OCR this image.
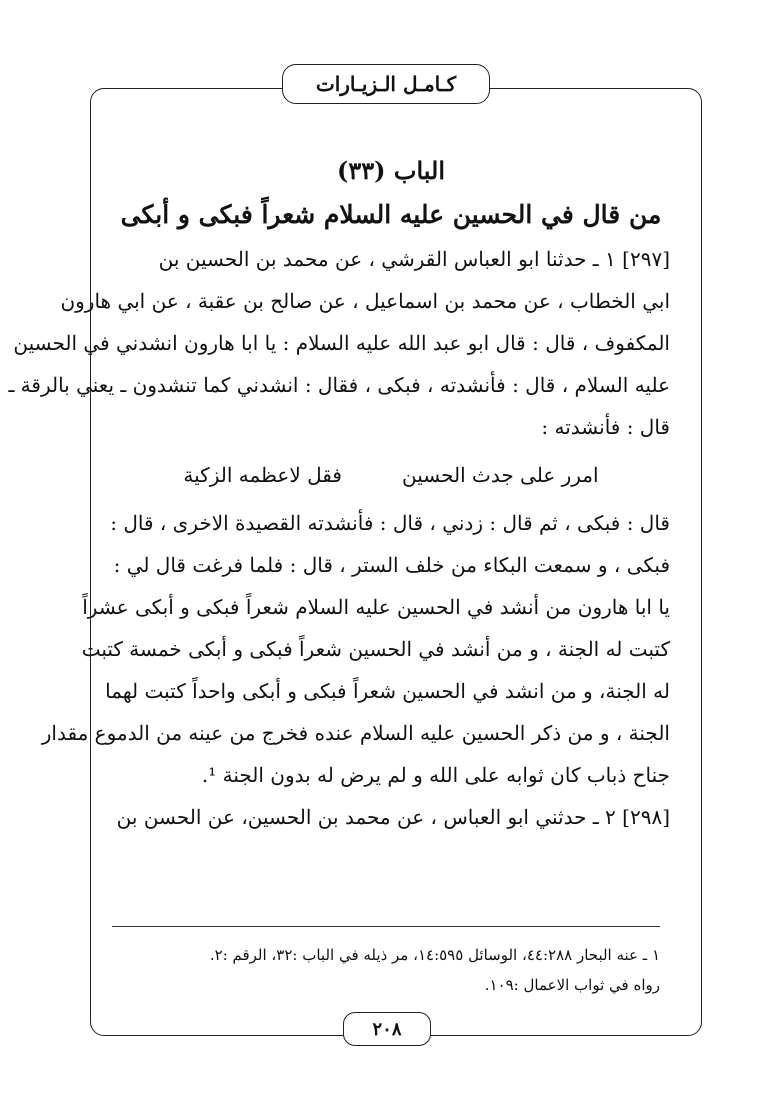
كـامـل الـزيـارات
الباب (٣٣)
من قال في الحسين عليه السلام شعراً فبكى و أبكى

[٢٩٧] ١ ـ حدثنا ابو العباس القرشي ، عن محمد بن الحسين بن
ابي الخطاب ، عن محمد بن اسماعيل ، عن صالح بن عقبة ، عن ابي هارون
المكفوف ، قال : قال ابو عبد الله عليه السلام : يا ابا هارون انشدني في الحسين
عليه السلام ، قال : فأنشدته ، فبكى ، فقال : انشدني كما تنشدون ـ يعني بالرقة ـ
قال : فأنشدته :

امرر على جدث الحسين
فقل لاعظمه الزكية

قال : فبكى ، ثم قال : زدني ، قال : فأنشدته القصيدة الاخرى ، قال :
فبكى ، و سمعت البكاء من خلف الستر ، قال : فلما فرغت قال لي :

يا ابا هارون من أنشد في الحسين عليه السلام شعراً فبكى و أبكى عشراً
كتبت له الجنة ، و من أنشد في الحسين شعراً فبكى و أبكى خمسة كتبت
له الجنة، و من انشد في الحسين شعراً فبكى و أبكى واحداً كتبت لهما
الجنة ، و من ذكر الحسين عليه السلام عنده فخرج من عينه من الدموع مقدار
جناح ذباب كان ثوابه على الله و لم يرض له بدون الجنة ¹.

[٢٩٨] ٢ ـ حدثني ابو العباس ، عن محمد بن الحسين، عن الحسن بن

١ ـ عنه البحار ٤٤:٢٨٨، الوسائل ١٤:٥٩٥، مر ذيله في الباب :٣٢، الرقم :٢.
رواه في ثواب الاعمال :١٠٩.
٢٠٨
